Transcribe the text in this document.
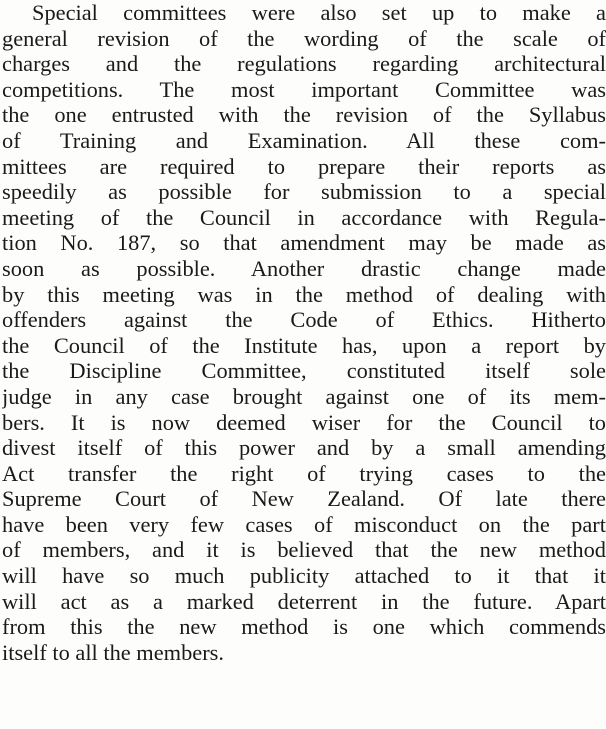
Special committees were also set up to make a
general revision of the wording of the scale of
charges and the regulations regarding architectural
competitions. The most important Committee was
the one entrusted with the revision of the Syllabus
of Training and Examination. All these com-
mittees are required to prepare their reports as
speedily as possible for submission to a special
meeting of the Council in accordance with Regula-
tion No. 187, so that amendment may be made as
soon as possible. Another drastic change made
by this meeting was in the method of dealing with
offenders against the Code of Ethics. Hitherto
the Council of the Institute has, upon a report by
the Discipline Committee, constituted itself sole
judge in any case brought against one of its mem-
bers. It is now deemed wiser for the Council to
divest itself of this power and by a small amending
Act transfer the right of trying cases to the
Supreme Court of New Zealand. Of late there
have been very few cases of misconduct on the part
of members, and it is believed that the new method
will have so much publicity attached to it that it
will act as a marked deterrent in the future. Apart
from this the new method is one which commends
itself to all the members.
